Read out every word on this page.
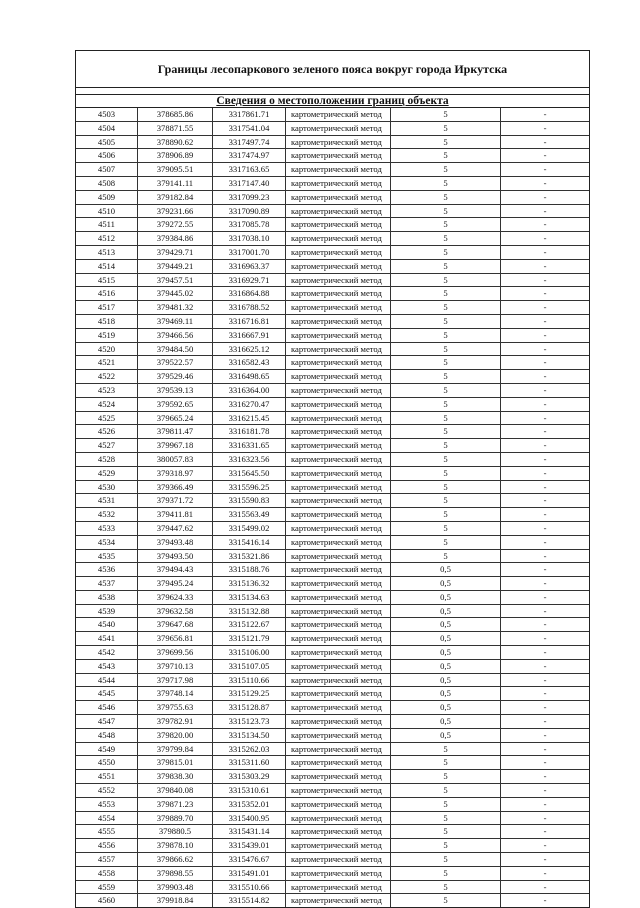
Границы лесопаркового зеленого пояса вокруг города Иркутска
Сведения о местоположении границ объекта
4503	378685.86	3317861.71	картометрический метод	5	-
4504	378871.55	3317541.04	картометрический метод	5	-
4505	378890.62	3317497.74	картометрический метод	5	-
4506	378906.89	3317474.97	картометрический метод	5	-
4507	379095.51	3317163.65	картометрический метод	5	-
4508	379141.11	3317147.40	картометрический метод	5	-
4509	379182.84	3317099.23	картометрический метод	5	-
4510	379231.66	3317090.89	картометрический метод	5	-
4511	379272.55	3317085.78	картометрический метод	5	-
4512	379384.86	3317038.10	картометрический метод	5	-
4513	379429.71	3317001.70	картометрический метод	5	-
4514	379449.21	3316963.37	картометрический метод	5	-
4515	379457.51	3316929.71	картометрический метод	5	-
4516	379445.02	3316864.88	картометрический метод	5	-
4517	379481.32	3316788.52	картометрический метод	5	-
4518	379469.11	3316716.81	картометрический метод	5	-
4519	379466.56	3316667.91	картометрический метод	5	-
4520	379484.50	3316625.12	картометрический метод	5	-
4521	379522.57	3316582.43	картометрический метод	5	-
4522	379529.46	3316498.65	картометрический метод	5	-
4523	379539.13	3316364.00	картометрический метод	5	-
4524	379592.65	3316270.47	картометрический метод	5	-
4525	379665.24	3316215.45	картометрический метод	5	-
4526	379811.47	3316181.78	картометрический метод	5	-
4527	379967.18	3316331.65	картометрический метод	5	-
4528	380057.83	3316323.56	картометрический метод	5	-
4529	379318.97	3315645.50	картометрический метод	5	-
4530	379366.49	3315596.25	картометрический метод	5	-
4531	379371.72	3315590.83	картометрический метод	5	-
4532	379411.81	3315563.49	картометрический метод	5	-
4533	379447.62	3315499.02	картометрический метод	5	-
4534	379493.48	3315416.14	картометрический метод	5	-
4535	379493.50	3315321.86	картометрический метод	5	-
4536	379494.43	3315188.76	картометрический метод	0,5	-
4537	379495.24	3315136.32	картометрический метод	0,5	-
4538	379624.33	3315134.63	картометрический метод	0,5	-
4539	379632.58	3315132.88	картометрический метод	0,5	-
4540	379647.68	3315122.67	картометрический метод	0,5	-
4541	379656.81	3315121.79	картометрический метод	0,5	-
4542	379699.56	3315106.00	картометрический метод	0,5	-
4543	379710.13	3315107.05	картометрический метод	0,5	-
4544	379717.98	3315110.66	картометрический метод	0,5	-
4545	379748.14	3315129.25	картометрический метод	0,5	-
4546	379755.63	3315128.87	картометрический метод	0,5	-
4547	379782.91	3315123.73	картометрический метод	0,5	-
4548	379820.00	3315134.50	картометрический метод	0,5	-
4549	379799.84	3315262.03	картометрический метод	5	-
4550	379815.01	3315311.60	картометрический метод	5	-
4551	379838.30	3315303.29	картометрический метод	5	-
4552	379840.08	3315310.61	картометрический метод	5	-
4553	379871.23	3315352.01	картометрический метод	5	-
4554	379889.70	3315400.95	картометрический метод	5	-
4555	379880.5	3315431.14	картометрический метод	5	-
4556	379878.10	3315439.01	картометрический метод	5	-
4557	379866.62	3315476.67	картометрический метод	5	-
4558	379898.55	3315491.01	картометрический метод	5	-
4559	379903.48	3315510.66	картометрический метод	5	-
4560	379918.84	3315514.82	картометрический метод	5	-
